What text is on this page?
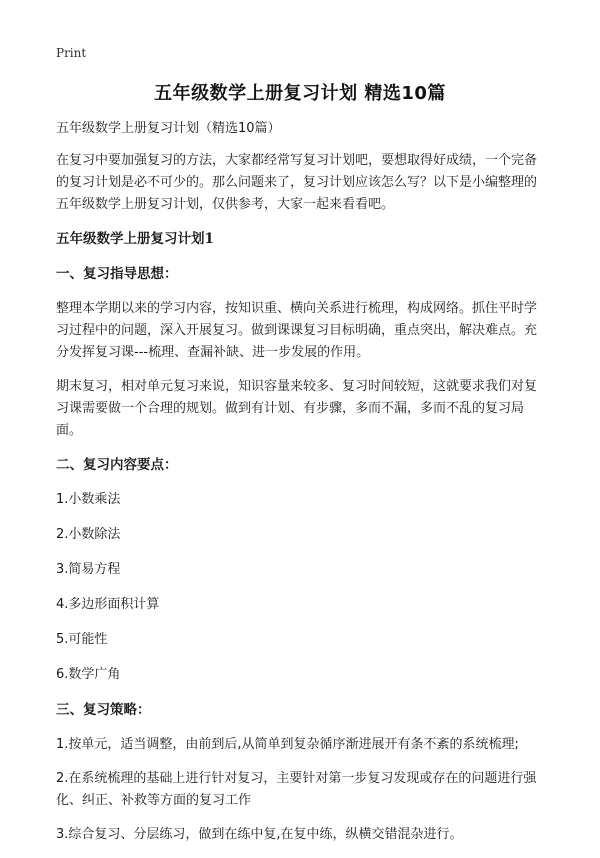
Print
五年级数学上册复习计划 精选10篇

五年级数学上册复习计划（精选10篇）

在复习中要加强复习的方法，大家都经常写复习计划吧，要想取得好成绩，一个完备的复习计划是必不可少的。那么问题来了，复习计划应该怎么写？以下是小编整理的五年级数学上册复习计划，仅供参考，大家一起来看看吧。

五年级数学上册复习计划1

一、复习指导思想：

整理本学期以来的学习内容，按知识重、横向关系进行梳理，构成网络。抓住平时学习过程中的问题，深入开展复习。做到课课复习目标明确，重点突出，解决难点。充分发挥复习课---梳理、查漏补缺、进一步发展的作用。

期末复习，相对单元复习来说，知识容量来较多、复习时间较短，这就要求我们对复习课需要做一个合理的规划。做到有计划、有步骤，多而不漏，多而不乱的复习局面。

二、复习内容要点：

1.小数乘法

2.小数除法

3.简易方程

4.多边形面积计算

5.可能性

6.数学广角

三、复习策略：

1.按单元，适当调整，由前到后,从简单到复杂循序渐进展开有条不紊的系统梳理;

2.在系统梳理的基础上进行针对复习，主要针对第一步复习发现或存在的问题进行强化、纠正、补救等方面的复习工作

3.综合复习、分层练习，做到在练中复,在复中练，纵横交错混杂进行。
